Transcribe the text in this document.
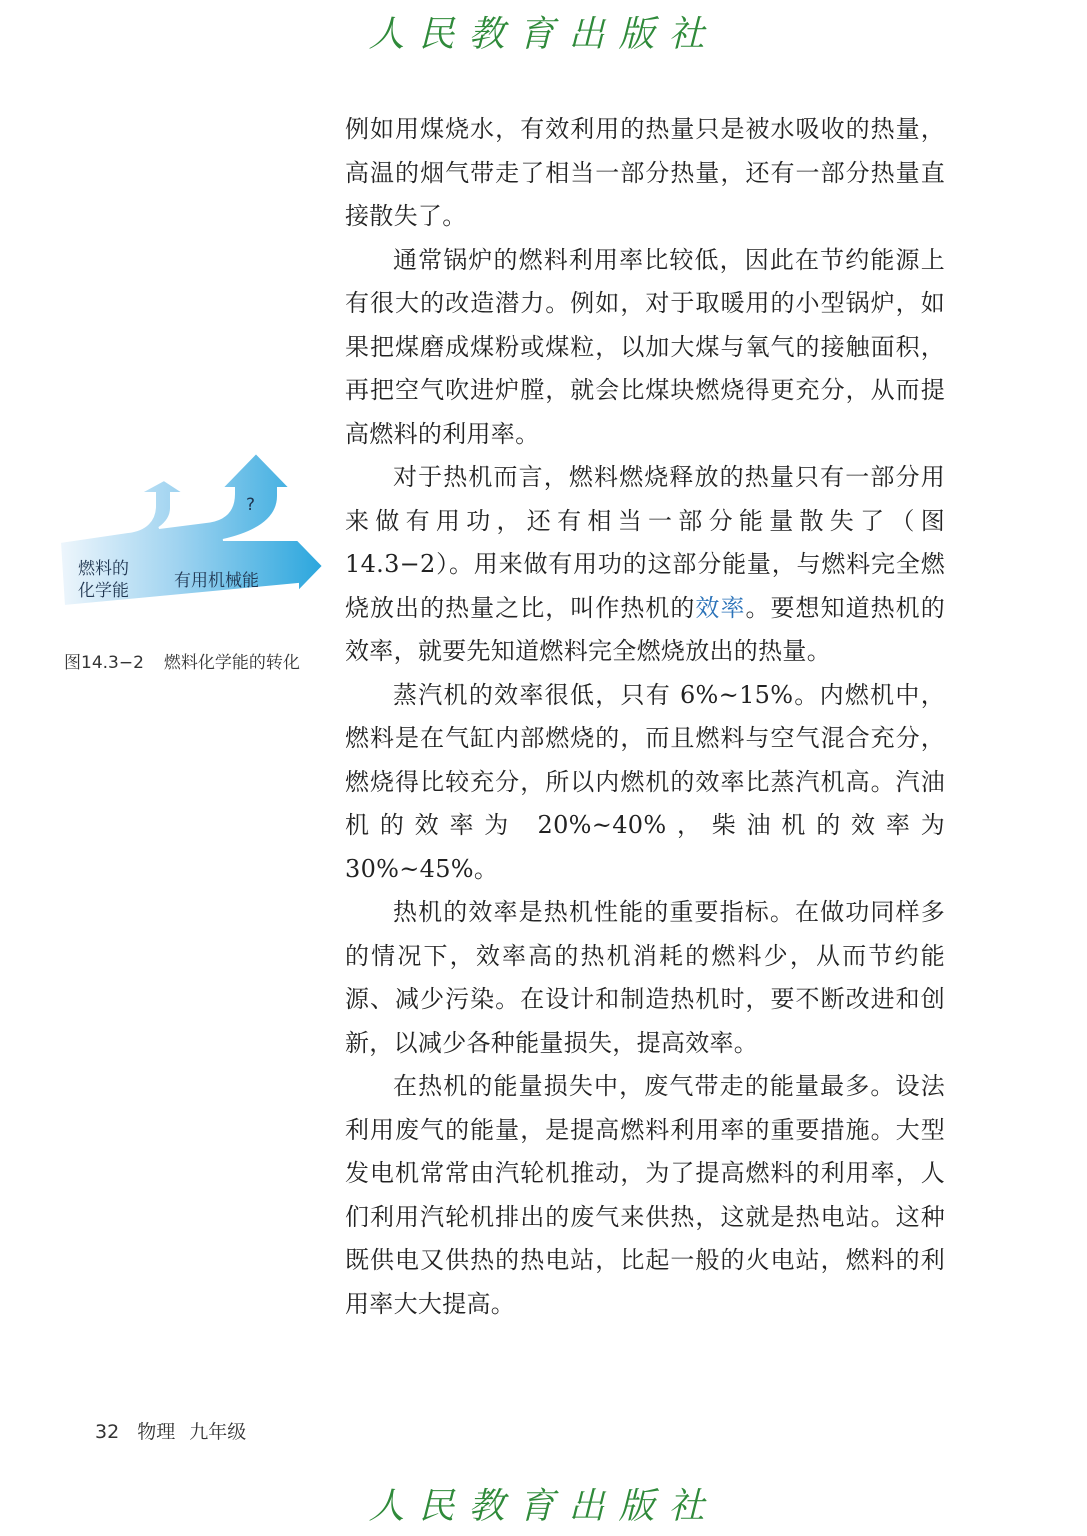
人民教育出版社
燃料的
化学能	有用机械能
?
图14.3−2 燃料化学能的转化

例如用煤烧水，有效利用的热量只是被水吸收的热量，高温的烟气带走了相当一部分热量，还有一部分热量直接散失了。

通常锅炉的燃料利用率比较低，因此在节约能源上有很大的改造潜力。例如，对于取暖用的小型锅炉，如果把煤磨成煤粉或煤粒，以加大煤与氧气的接触面积，再把空气吹进炉膛，就会比煤块燃烧得更充分，从而提高燃料的利用率。

对于热机而言，燃料燃烧释放的热量只有一部分用来做有用功，还有相当一部分能量散失了（图 14.3−2）。用来做有用功的这部分能量，与燃料完全燃烧放出的热量之比，叫作热机的效率。要想知道热机的效率，就要先知道燃料完全燃烧放出的热量。

蒸汽机的效率很低，只有 6%~15%。内燃机中，燃料是在气缸内部燃烧的，而且燃料与空气混合充分，燃烧得比较充分，所以内燃机的效率比蒸汽机高。汽油机的效率为 20%~40%，柴油机的效率为 30%~45%。

热机的效率是热机性能的重要指标。在做功同样多的情况下，效率高的热机消耗的燃料少，从而节约能源、减少污染。在设计和制造热机时，要不断改进和创新，以减少各种能量损失，提高效率。

在热机的能量损失中，废气带走的能量最多。设法利用废气的能量，是提高燃料利用率的重要措施。大型发电机常常由汽轮机推动，为了提高燃料的利用率，人们利用汽轮机排出的废气来供热，这就是热电站。这种既供电又供热的热电站，比起一般的火电站，燃料的利用率大大提高。

32 物理 九年级
人民教育出版社
